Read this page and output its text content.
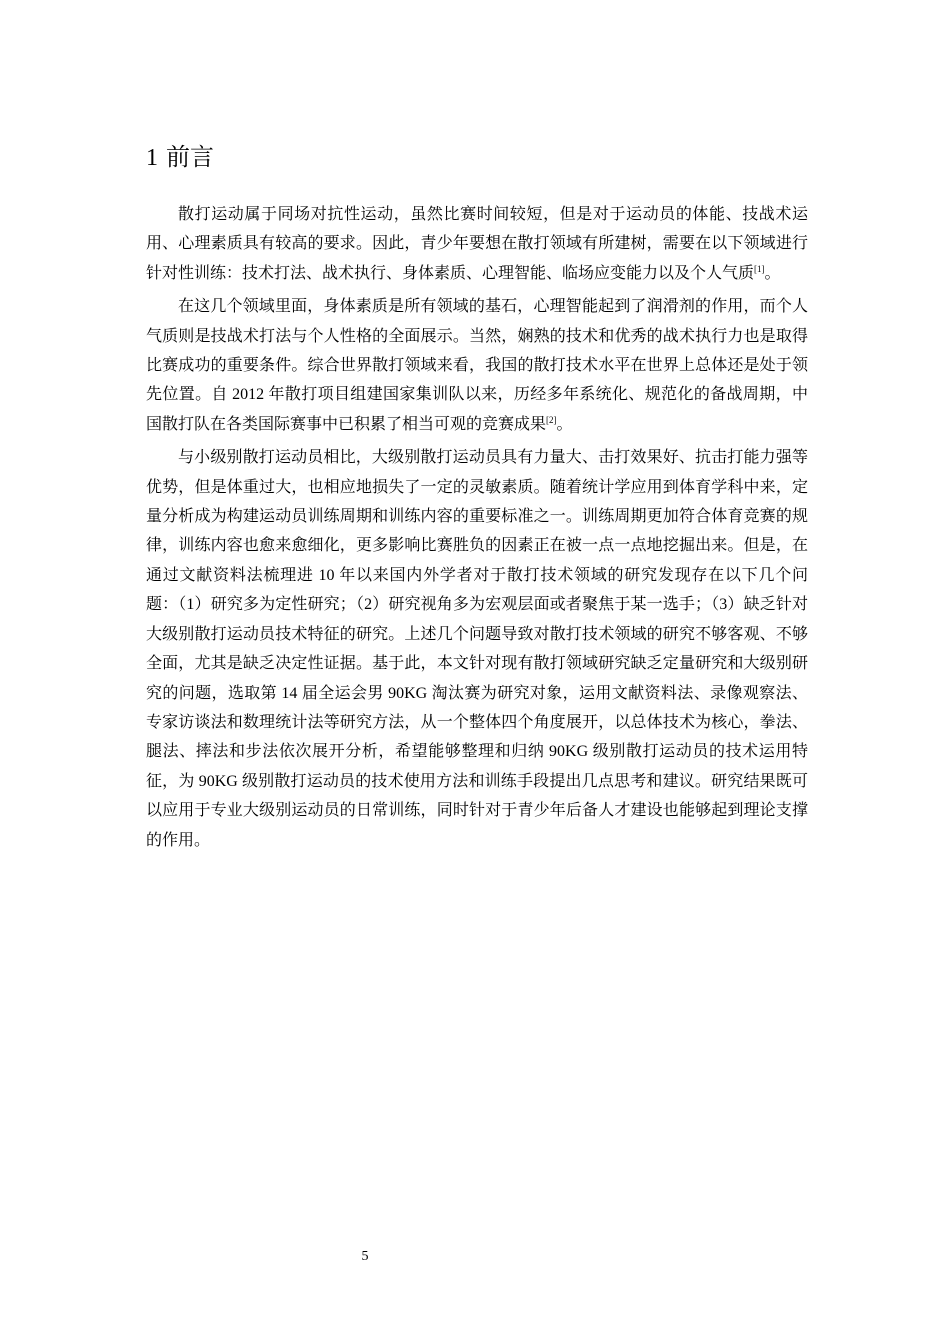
1 前言

散打运动属于同场对抗性运动，虽然比赛时间较短，但是对于运动员的体能、技战术运用、心理素质具有较高的要求。因此，青少年要想在散打领域有所建树，需要在以下领域进行针对性训练：技术打法、战术执行、身体素质、心理智能、临场应变能力以及个人气质[1]。

在这几个领域里面，身体素质是所有领域的基石，心理智能起到了润滑剂的作用，而个人气质则是技战术打法与个人性格的全面展示。当然，娴熟的技术和优秀的战术执行力也是取得比赛成功的重要条件。综合世界散打领域来看，我国的散打技术水平在世界上总体还是处于领先位置。自 2012 年散打项目组建国家集训队以来，历经多年系统化、规范化的备战周期，中国散打队在各类国际赛事中已积累了相当可观的竞赛成果[2]。

与小级别散打运动员相比，大级别散打运动员具有力量大、击打效果好、抗击打能力强等优势，但是体重过大，也相应地损失了一定的灵敏素质。随着统计学应用到体育学科中来，定量分析成为构建运动员训练周期和训练内容的重要标准之一。训练周期更加符合体育竞赛的规律，训练内容也愈来愈细化，更多影响比赛胜负的因素正在被一点一点地挖掘出来。但是，在通过文献资料法梳理进 10 年以来国内外学者对于散打技术领域的研究发现存在以下几个问题：（1）研究多为定性研究；（2）研究视角多为宏观层面或者聚焦于某一选手；（3）缺乏针对大级别散打运动员技术特征的研究。上述几个问题导致对散打技术领域的研究不够客观、不够全面，尤其是缺乏决定性证据。基于此，本文针对现有散打领域研究缺乏定量研究和大级别研究的问题，选取第 14 届全运会男 90KG 淘汰赛为研究对象，运用文献资料法、录像观察法、专家访谈法和数理统计法等研究方法，从一个整体四个角度展开，以总体技术为核心，拳法、腿法、摔法和步法依次展开分析，希望能够整理和归纳 90KG 级别散打运动员的技术运用特征，为 90KG 级别散打运动员的技术使用方法和训练手段提出几点思考和建议。研究结果既可以应用于专业大级别运动员的日常训练，同时针对于青少年后备人才建设也能够起到理论支撑的作用。

5
